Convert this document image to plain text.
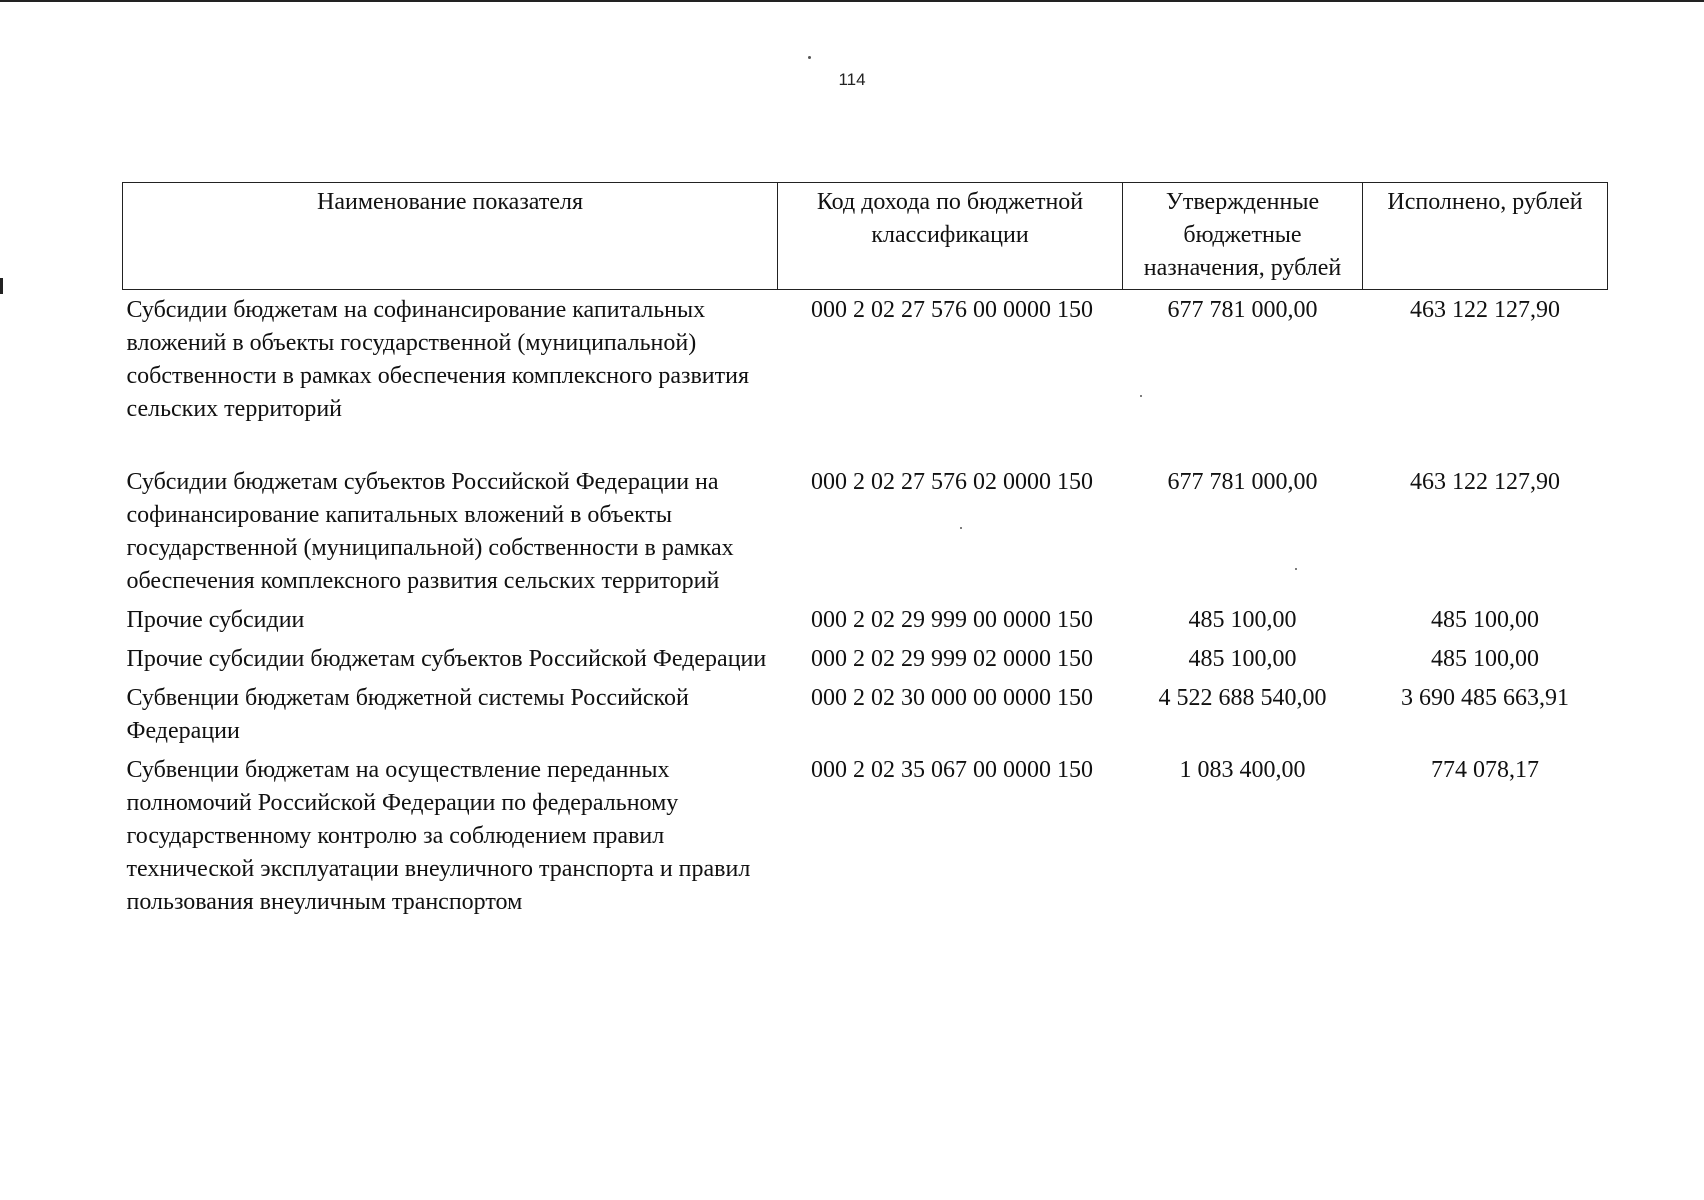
114
Наименование показателя	Код дохода по бюджетной классификации	Утвержденные бюджетные назначения, рублей	Исполнено, рублей
Субсидии бюджетам на софинансирование капитальных вложений в объекты государственной (муниципальной) собственности в рамках обеспечения комплексного развития сельских территорий	000 2 02 27 576 00 0000 150	677 781 000,00	463 122 127,90
Субсидии бюджетам субъектов Российской Федерации на софинансирование капитальных вложений в объекты государственной (муниципальной) собственности в рамках обеспечения комплексного развития сельских территорий	000 2 02 27 576 02 0000 150	677 781 000,00	463 122 127,90
Прочие субсидии	000 2 02 29 999 00 0000 150	485 100,00	485 100,00
Прочие субсидии бюджетам субъектов Российской Федерации	000 2 02 29 999 02 0000 150	485 100,00	485 100,00
Субвенции бюджетам бюджетной системы Российской Федерации	000 2 02 30 000 00 0000 150	4 522 688 540,00	3 690 485 663,91
Субвенции бюджетам на осуществление переданных полномочий Российской Федерации по федеральному государственному контролю за соблюдением правил технической эксплуатации внеуличного транспорта и правил пользования внеуличным транспортом	000 2 02 35 067 00 0000 150	1 083 400,00	774 078,17
